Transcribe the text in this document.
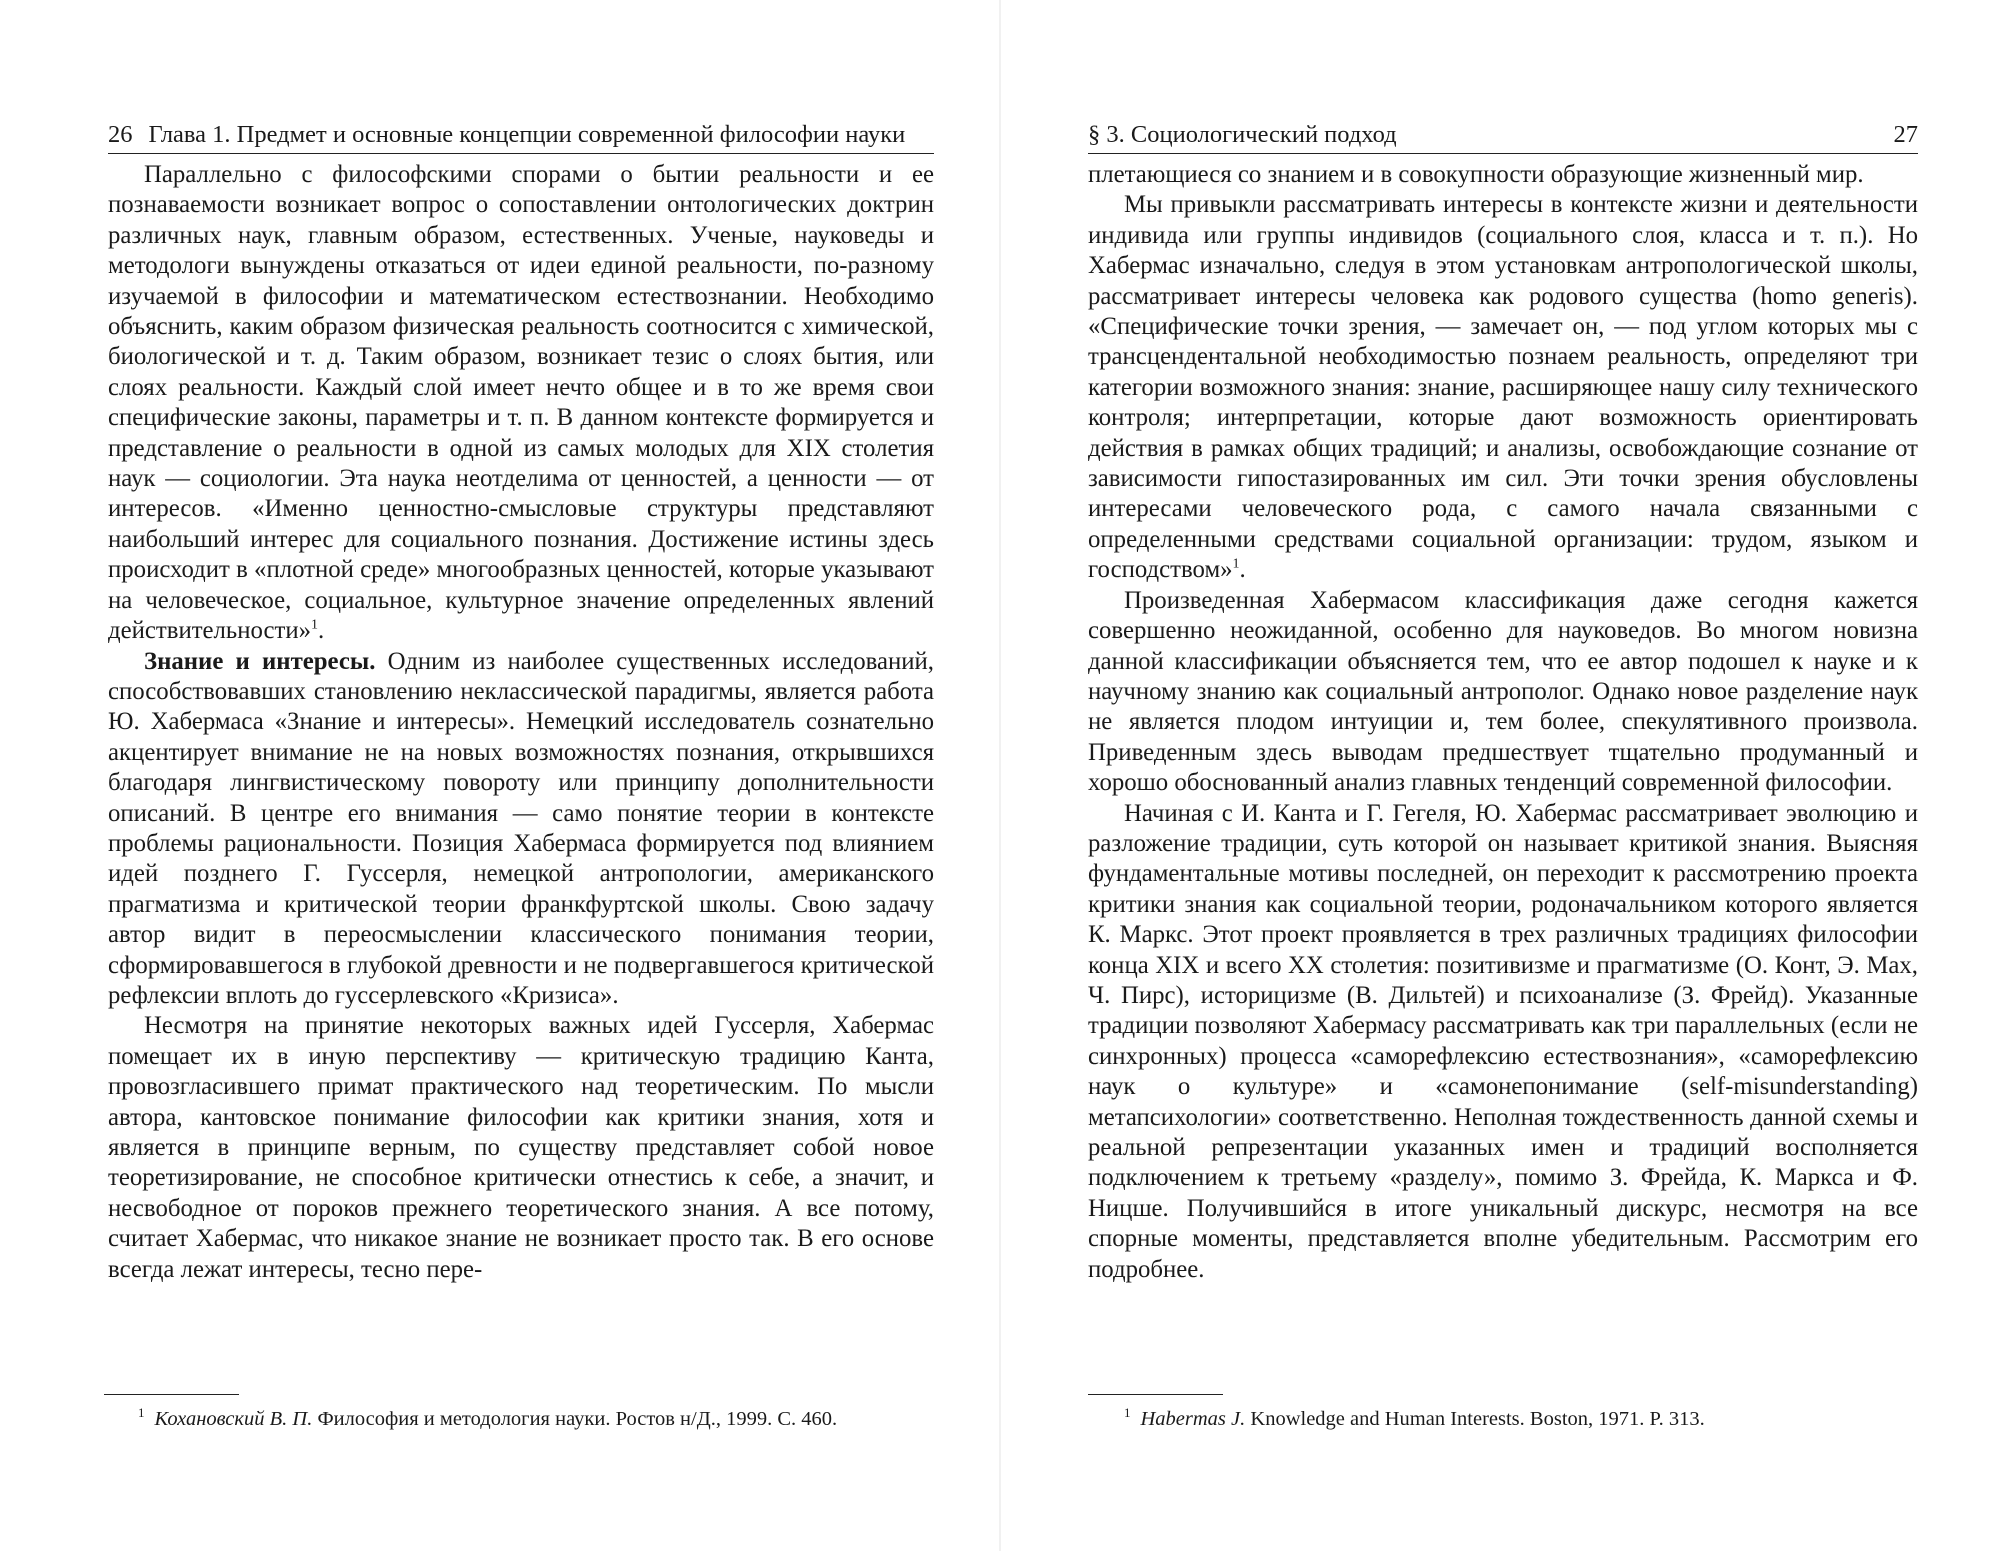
26 Глава 1. Предмет и основные концепции современной философии науки

Параллельно с философскими спорами о бытии реальности и ее познаваемости возникает вопрос о сопоставлении онтологических доктрин различных наук, главным образом, естественных. Ученые, науковеды и методологи вынуждены отказаться от идеи единой реальности, по-разному изучаемой в философии и математическом естествознании. Необходимо объяснить, каким образом физическая реальность соотносится с химической, биологической и т. д. Таким образом, возникает тезис о слоях бытия, или слоях реальности. Каждый слой имеет нечто общее и в то же время свои специфические законы, параметры и т. п. В данном контексте формируется и представление о реальности в одной из самых молодых для XIX столетия наук — социологии. Эта наука неотделима от ценностей, а ценности — от интересов. «Именно ценностно-смысловые структуры представляют наибольший интерес для социального познания. Достижение истины здесь происходит в «плотной среде» многообразных ценностей, которые указывают на человеческое, социальное, культурное значение определенных явлений действительности»$^1$.

Знание и интересы. Одним из наиболее существенных исследований, способствовавших становлению неклассической парадигмы, является работа Ю. Хабермаса «Знание и интересы». Немецкий исследователь сознательно акцентирует внимание не на новых возможностях познания, открывшихся благодаря лингвистическому повороту или принципу дополнительности описаний. В центре его внимания — само понятие теории в контексте проблемы рациональности. Позиция Хабермаса формируется под влиянием идей позднего Г. Гуссерля, немецкой антропологии, американского прагматизма и критической теории франкфуртской школы. Свою задачу автор видит в переосмыслении классического понимания теории, сформировавшегося в глубокой древности и не подвергавшегося критической рефлексии вплоть до гуссерлевского «Кризиса».

Несмотря на принятие некоторых важных идей Гуссерля, Хабермас помещает их в иную перспективу — критическую традицию Канта, провозгласившего примат практического над теоретическим. По мысли автора, кантовское понимание философии как критики знания, хотя и является в принципе верным, по существу представляет собой новое теоретизирование, не способное критически отнестись к себе, а значит, и несвободное от пороков прежнего теоретического знания. А все потому, считает Хабермас, что никакое знание не возникает просто так. В его основе всегда лежат интересы, тесно пере-

$^1$ Кохановский В. П. Философия и методология науки. Ростов н/Д., 1999. С. 460.
§ 3. Социологический подход	27

плетающиеся со знанием и в совокупности образующие жизненный мир.

Мы привыкли рассматривать интересы в контексте жизни и деятельности индивида или группы индивидов (социального слоя, класса и т. п.). Но Хабермас изначально, следуя в этом установкам антропологической школы, рассматривает интересы человека как родового существа (homo generis). «Специфические точки зрения, — замечает он, — под углом которых мы с трансцендентальной необходимостью познаем реальность, определяют три категории возможного знания: знание, расширяющее нашу силу технического контроля; интерпретации, которые дают возможность ориентировать действия в рамках общих традиций; и анализы, освобождающие сознание от зависимости гипостазированных им сил. Эти точки зрения обусловлены интересами человеческого рода, с самого начала связанными с определенными средствами социальной организации: трудом, языком и господством»$^1$.

Произведенная Хабермасом классификация даже сегодня кажется совершенно неожиданной, особенно для науковедов. Во многом новизна данной классификации объясняется тем, что ее автор подошел к науке и к научному знанию как социальный антрополог. Однако новое разделение наук не является плодом интуиции и, тем более, спекулятивного произвола. Приведенным здесь выводам предшествует тщательно продуманный и хорошо обоснованный анализ главных тенденций современной философии.

Начиная с И. Канта и Г. Гегеля, Ю. Хабермас рассматривает эволюцию и разложение традиции, суть которой он называет критикой знания. Выясняя фундаментальные мотивы последней, он переходит к рассмотрению проекта критики знания как социальной теории, родоначальником которого является К. Маркс. Этот проект проявляется в трех различных традициях философии конца XIX и всего XX столетия: позитивизме и прагматизме (О. Конт, Э. Мах, Ч. Пирс), историцизме (В. Дильтей) и психоанализе (З. Фрейд). Указанные традиции позволяют Хабермасу рассматривать как три параллельных (если не синхронных) процесса «саморефлексию естествознания», «саморефлексию наук о культуре» и «самонепонимание (self-misunderstanding) метапсихологии» соответственно. Неполная тождественность данной схемы и реальной репрезентации указанных имен и традиций восполняется подключением к третьему «разделу», помимо З. Фрейда, К. Маркса и Ф. Ницше. Получившийся в итоге уникальный дискурс, несмотря на все спорные моменты, представляется вполне убедительным. Рассмотрим его подробнее.

$^1$ Habermas J. Knowledge and Human Interests. Boston, 1971. P. 313.
